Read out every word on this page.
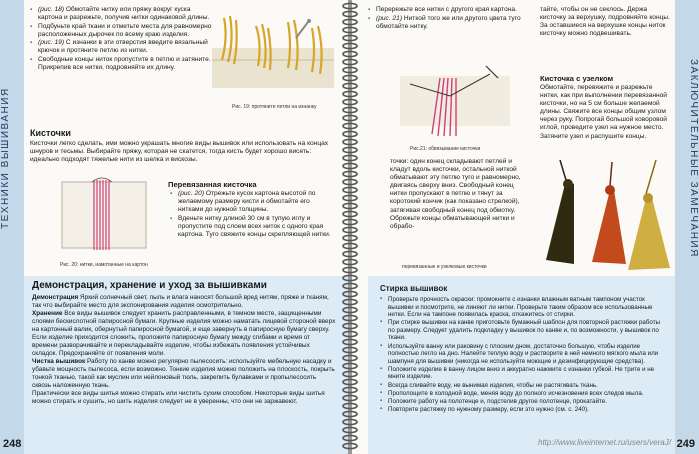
ТЕХНИКИ ВЫШИВАНИЯ

▪ (рис. 18) Обмотайте нитку или пряжу вокруг куска картона и разрежьте, получив нитки одинаковой длины.

▪ Подбуньте край ткани и отметьте места для равномерно расположенных дырочек по всему краю изделия.

▪ (рис. 19) С изнанки в эти отверстия введите вязальный крючок и протяните петлю из нитки.

▪ Свободные концы ниток пропустите в петлю и затяните. Прикрепив все нитки, подровняйте их длину.

Рис. 19: протяните петли на изнанку
Кисточки
Кисточки легко сделать, ими можно украшать многие виды вышивок или использовать на концах шнуров и тесьмы. Выбирайте пряжу, которая не скатется, тогда кисть будет хорошо висеть: идеально подходят тяжелые нити из шелка и вискозы.
Рис. 20: нитки, намотанные на картон
Перевязанная кисточка

▪ (рис. 20) Отрежьте кусок картона высотой по желаемому размеру кисти и обмотайте его нитками до нужной толщины.

▪ Вденьте нитку длиной 30 см в тупую иглу и пропустите под слоем всех ниток с одного края картона. Туго свяжите концы скрепляющей нитки.

Демонстрация, хранение и уход за вышивками

Демонстрация Яркий солнечный свет, пыль и влага наносят большой вред нитям, пряже и тканям, так что выбирайте место для экспонирования изделия осмотрительно.

Хранение Все виды вышивок следует хранить расправленными, в темном месте, защищенными слоями бескислотной папиросной бумаги. Крупные изделия можно наматать лицевой стороной вверх на картонный валик, обернутый папиросной бумагой, и еще завернуть в папиросную бумагу сверху. Если изделие приходится сложить, проложите папиросную бумагу между сгибами и время от времени разворачивайте и перекладывайте изделие, чтобы избежать появления устойчивых складок. Предохраняйте от появления моли.

Чистка вышивок Работу по канве можно регулярно пылесосить: используйте мебельную насадку и убавьте мощность пылесоса, если возможно. Тонкие изделия можно положить на плоскость, покрыть тонкой тканью, такой как муслин или нейлоновый тюль, закрепить булавками и пропылесосить сквозь наложенную ткань.

Практически все виды шитья можно стирать или чистить сухим способом. Некоторые виды шитья можно стирать и сушить, но шить изделия следует не в уверенны, что они не заржавеют.

248
ЗАКЛЮЧИТЕЛЬНЫЕ ЗАМЕЧАНИЯ

▪ Перережьте все нитки с другого края картона.

▪ (рис. 21) Ниткой того же или другого цвета туго обмотайте нитку.

тайте, чтобы он не секлось. Держа кисточку за верхушку, подровняйте концы. За оставшиеся на верхушке концы ниток кисточку можно подвешивать.
Рис.21: обвязывание кисточки
Кисточка с узелком
Обмотайте, перевяжите и разрежьте нитки, как при выполнении перевязанной кисточки, но на 5 см больше желаемой длины. Свяжите все концы общим узлом через руку. Попрогай большой коворовой иглой, проведите узел на нужное место. Затяните узел и распушите концы.
точки: один конец складывают петлей и кладут вдоль кисточки, остальной ниткой обматывают эту петлю туго и равномерно, двигаясь сверху вниз. Свободный конец нитки пропускают в петлю и тянут за коротокий кончик (как показано стрелкой), затягивая свободный конец под обмотку. Обрежьте концы обматывающей нитки и обрабо-
перевязанные и узелковые кисточки
Стирка вышивок

▪ Проверьте прочность окраски: промокните с изнанки влажным ватным тампоном участок вышивки и посмотрите, не линяют ли нитки. Проверьте таким образом все использованные нитки. Если на тампоне появилась краска, откажитесь от стирки.

▪ При стирке вышивки на канве приготовьте бумажный шаблон для повторной растяжки работы по размеру. Следует удалить подкладку у вышивок по канве и, по возможности, у вышивок по ткани.

▪ Используйте ванну или раковину с плоским дном, достаточно большую, чтобы изделие полностью легло на дно. Налейте теплую воду и растворите в ней немного мягкого мыла или шампуня для вышивки (никогда не используйте моющие и дезинфицирующие средства).

▪ Положите изделие в ванну лицом вниз и аккуратно нажмите с изнанки губкой. Не трите и не мните изделие.

▪ Всегда сливайте воду, не вынимая изделия, чтобы не растягивать ткань.

▪ Прополощите в холодной воде, меняя воду до полного исчезновения всех следов мыла.

▪ Положите работу на полотенце и, подстелив другое полотенце, прокатайте.

▪ Повторите растяжку по нужному размеру, если это нужно (см. с. 240).

http://www.liveinternet.ru/users/veraJ/ 249
